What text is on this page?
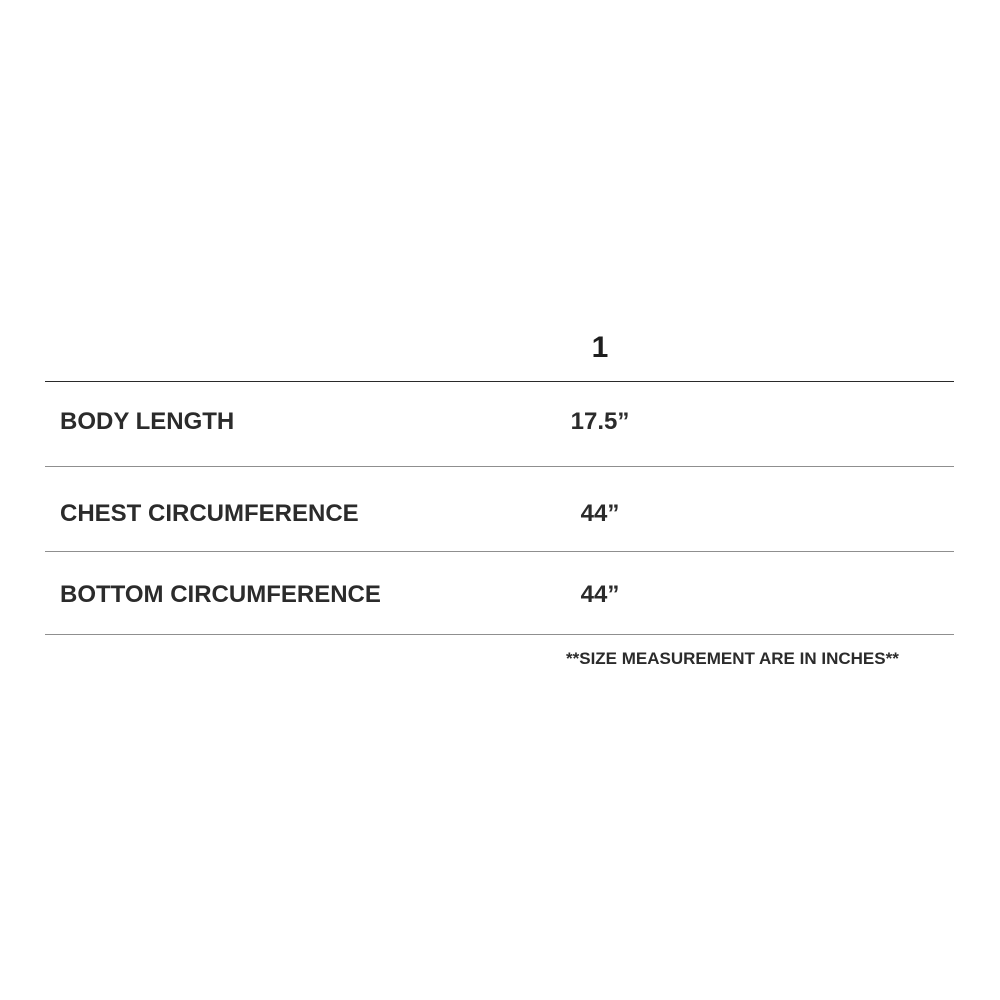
1
BODY LENGTH	17.5”
CHEST CIRCUMFERENCE	44”
BOTTOM CIRCUMFERENCE	44”
**SIZE MEASUREMENT ARE IN INCHES**
